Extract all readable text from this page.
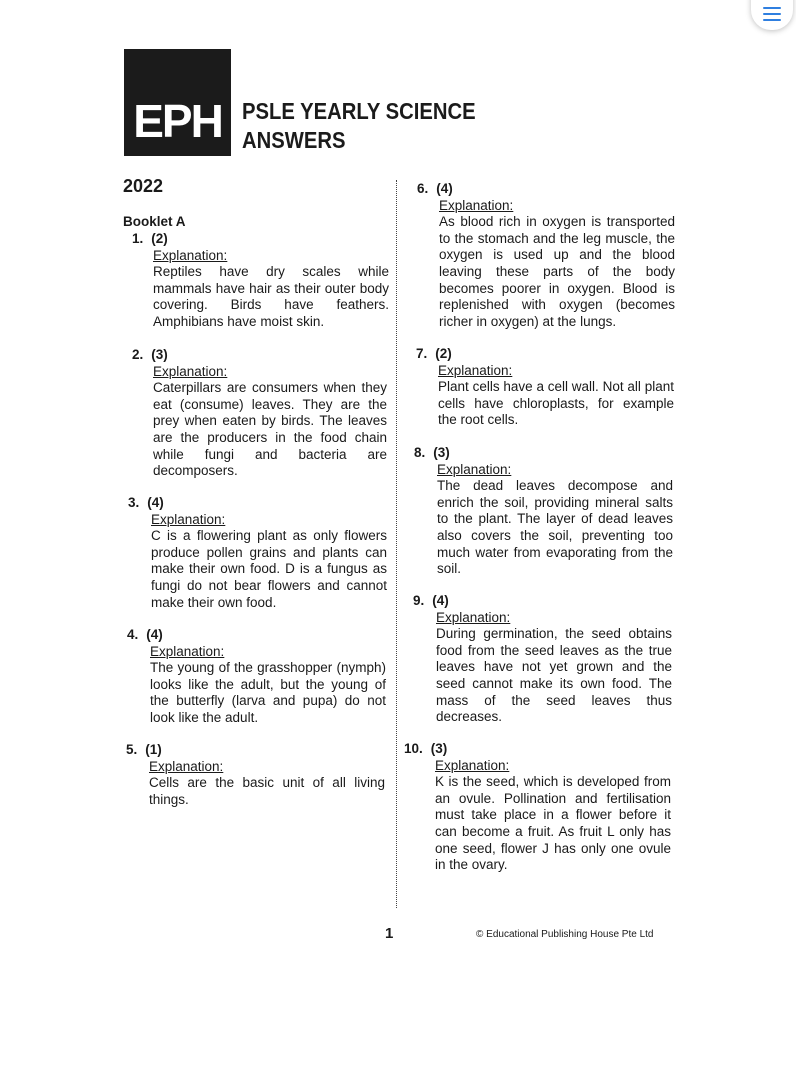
EPH PSLE YEARLY SCIENCE
ANSWERS
2022
Booklet A
1. (2)
Explanation:
Reptiles have dry scales while mammals have hair as their outer body covering. Birds have feathers. Amphibians have moist skin.
2. (3)
Explanation:
Caterpillars are consumers when they eat (consume) leaves. They are the prey when eaten by birds. The leaves are the producers in the food chain while fungi and bacteria are decomposers.
3. (4)
Explanation:
C is a flowering plant as only flowers produce pollen grains and plants can make their own food. D is a fungus as fungi do not bear flowers and cannot make their own food.
4. (4)
Explanation:
The young of the grasshopper (nymph) looks like the adult, but the young of the butterfly (larva and pupa) do not look like the adult.
5. (1)
Explanation:
Cells are the basic unit of all living things.
6. (4)
Explanation:
As blood rich in oxygen is transported to the stomach and the leg muscle, the oxygen is used up and the blood leaving these parts of the body becomes poorer in oxygen. Blood is replenished with oxygen (becomes richer in oxygen) at the lungs.
7. (2)
Explanation:
Plant cells have a cell wall. Not all plant cells have chloroplasts, for example the root cells.
8. (3)
Explanation:
The dead leaves decompose and enrich the soil, providing mineral salts to the plant. The layer of dead leaves also covers the soil, preventing too much water from evaporating from the soil.
9. (4)
Explanation:
During germination, the seed obtains food from the seed leaves as the true leaves have not yet grown and the seed cannot make its own food. The mass of the seed leaves thus decreases.
10. (3)
Explanation:
K is the seed, which is developed from an ovule. Pollination and fertilisation must take place in a flower before it can become a fruit. As fruit L only has one seed, flower J has only one ovule in the ovary.
1	© Educational Publishing House Pte Ltd
